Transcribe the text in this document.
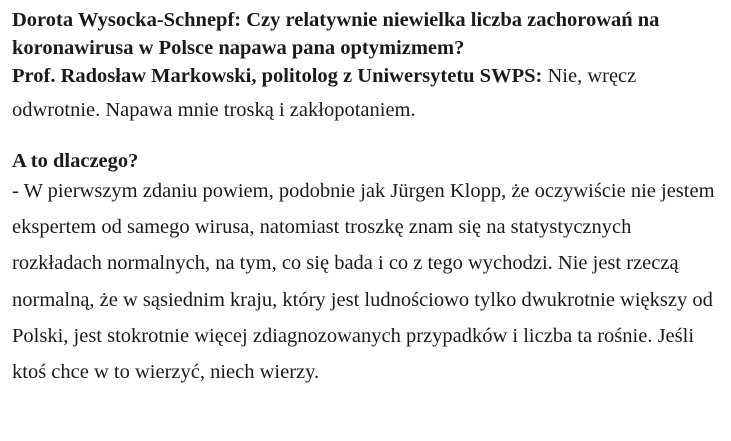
Dorota Wysocka-Schnepf: Czy relatywnie niewielka liczba zachorowań na koronawirusa w Polsce napawa pana optymizmem?

Prof. Radosław Markowski, politolog z Uniwersytetu SWPS: Nie, wręcz odwrotnie. Napawa mnie troską i zakłopotaniem.

A to dlaczego?

- W pierwszym zdaniu powiem, podobnie jak Jürgen Klopp, że oczywiście nie jestem ekspertem od samego wirusa, natomiast troszkę znam się na statystycznych rozkładach normalnych, na tym, co się bada i co z tego wychodzi. Nie jest rzeczą normalną, że w sąsiednim kraju, który jest ludnościowo tylko dwukrotnie większy od Polski, jest stokrotnie więcej zdiagnozowanych przypadków i liczba ta rośnie. Jeśli ktoś chce w to wierzyć, niech wierzy.
